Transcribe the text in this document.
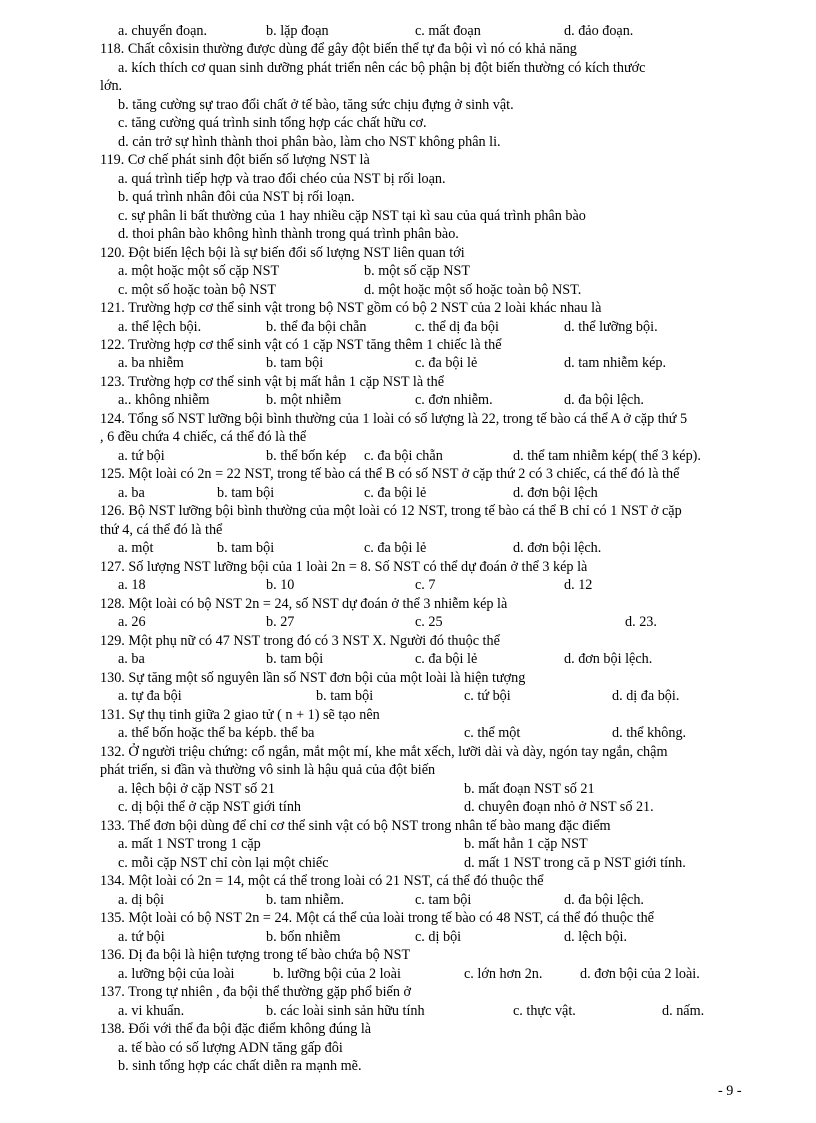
a. chuyển đoạn.	b. lặp đoạn	c. mất đoạn	d. đảo đoạn.
118. Chất côxisin thường được dùng để gây đột biến thể tự đa bội vì nó có khả năng
a. kích thích cơ quan sinh dưỡng phát triển nên các bộ phận bị đột biến thường có kích thước
lớn.
b. tăng cường sự trao đổi chất ở tế bào, tăng sức chịu đựng ở sinh vật.
c. tăng cường quá trình sinh tổng hợp các chất hữu cơ.
d. cản trở sự hình thành thoi phân bào, làm cho NST không phân li.
119. Cơ chế phát sinh đột biến số lượng NST là
a. quá trình tiếp hợp và trao đổi chéo của NST bị rối loạn.
b. quá trình nhân đôi của NST bị rối loạn.
c. sự phân li bất thường của 1 hay nhiều cặp NST tại kì sau của quá trình phân bào
d. thoi phân bào không hình thành trong quá trình phân bào.
120. Đột biến lệch bội là sự biến đổi số lượng NST liên quan tới
a. một hoặc một số cặp NST	b. một số cặp NST
c. một số hoặc toàn bộ NST	d. một hoặc một số hoặc toàn bộ NST.
121. Trường hợp cơ thể sinh vật trong bộ NST gồm có bộ 2 NST của 2 loài khác nhau là
a. thể lệch bội.	b. thể đa bội chẵn	c. thể dị đa bội	d. thể lưỡng bội.
122. Trường hợp cơ thể sinh vật có 1 cặp NST tăng thêm 1 chiếc là thể
a. ba nhiễm	b. tam bội	c. đa bội lẻ	d. tam nhiễm kép.
123. Trường hợp cơ thể sinh vật bị mất hẳn 1 cặp NST là thể
a.. không nhiễm	b. một nhiễm	c. đơn nhiễm.	d. đa bội lệch.
124. Tổng số NST lưỡng bội bình thường của 1 loài có số lượng là 22, trong tế bào cá thể A ở cặp thứ 5
, 6 đều chứa 4 chiếc, cá thể đó là thể
a. tứ bội	b. thể bốn kép c. đa bội chẵn	d. thể tam nhiễm kép( thể 3 kép).
125. Một loài có 2n = 22 NST, trong tế bào cá thể B có số NST ở cặp thứ 2 có 3 chiếc, cá thể đó là thể
a. ba	b. tam bội	c. đa bội lẻ	d. đơn bội lệch
126. Bộ NST lưỡng bội bình thường của một loài có 12 NST, trong tế bào cá thể B chỉ có 1 NST ở cặp
thứ 4, cá thể đó là thể
a. một	b. tam bội	c. đa bội lẻ	d. đơn bội lệch.
127. Số lượng NST lưỡng bội của 1 loài 2n = 8. Số NST có thể dự đoán ở thể 3 kép là
a. 18	b. 10	c. 7	d. 12
128. Một loài có bộ NST 2n = 24, số NST dự đoán ở thể 3 nhiễm kép là
a. 26	b. 27	c. 25	d. 23.
129. Một phụ nữ có 47 NST trong đó có 3 NST X. Người đó thuộc thể
a. ba	b. tam bội	c. đa bội lẻ	d. đơn bội lệch.
130. Sự tăng một số nguyên lần số NST đơn bội của một loài là hiện tượng
a. tự đa bội	b. tam bội	c. tứ bội	d. dị đa bội.
131. Sự thụ tinh giữa 2 giao tử ( n + 1) sẽ tạo nên
a. thể bốn hoặc thể ba kép b. thể ba	c. thể một	d. thể không.
132. Ở người triệu chứng: cổ ngắn, mắt một mí, khe mắt xếch, lưỡi dài và dày, ngón tay ngắn, chậm
phát triển, si đần và thường vô sinh là hậu quả của đột biến
a. lệch bội ở cặp NST số 21	b. mất đoạn NST số 21
c. dị bội thể ở cặp NST giới tính	d. chuyên đoạn nhỏ ở NST số 21.
133. Thể đơn bội dùng để chỉ cơ thể sinh vật có bộ NST trong nhân tế bào mang đặc điểm
a. mất 1 NST trong 1 cặp	b. mất hẳn 1 cặp NST
c. mỗi cặp NST chỉ còn lại một chiếc	d. mất 1 NST trong că p NST giới tính.
134. Một loài có 2n = 14, một cá thể trong loài có 21 NST, cá thể đó thuộc thể
a. dị bội	b. tam nhiễm.	c. tam bội	d. đa bội lệch.
135. Một loài có bộ NST 2n = 24. Một cá thể của loài trong tế bào có 48 NST, cá thể đó thuộc thể
a. tứ bội	b. bốn nhiễm	c. dị bội	d. lệch bội.
136. Dị đa bội là hiện tượng trong tế bào chứa bộ NST
a. lưỡng bội của loài	b. lưỡng bội của 2 loài	c. lớn hơn 2n.	d. đơn bội của 2 loài.
137. Trong tự nhiên , đa bội thể thường gặp phổ biến ở
a. vi khuẩn.	b. các loài sinh sản hữu tính	c. thực vật.	d. nấm.
138. Đối với thể đa bội đặc điểm không đúng là
a. tế bào có số lượng ADN tăng gấp đôi
b. sinh tổng hợp các chất diễn ra mạnh mẽ.
- 9 -
